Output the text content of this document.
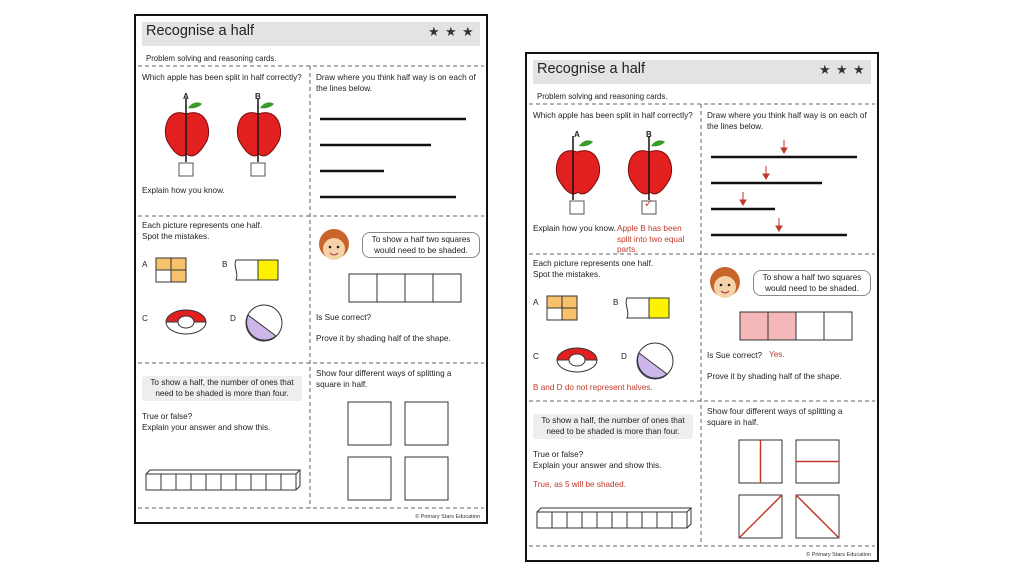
Recognise a half	★ ★ ★
Problem solving and reasoning cards.
Which apple has been split in half correctly?
A	B
Explain how you know.
Draw where you think half way is on each of
the lines below.
Each picture represents one half.
Spot the mistakes.
A	B
C	D
To show a half two squares would need to be shaded.
Is Sue correct?
Prove it by shading half of the shape.
To show a half, the number of ones that need to be shaded is more than four.
True or false?
Explain your answer and show this.
Show four different ways of splitting a
square in half.
© Primary Stars Education
Recognise a half	★ ★ ★
Problem solving and reasoning cards.
Which apple has been split in half correctly?
A	B
✓
Explain how you know. Apple B has been
split into two equal parts.
Draw where you think half way is on each of
the lines below.
Each picture represents one half.
Spot the mistakes.
A	B
C	D
B and D do not represent halves.
To show a half two squares would need to be shaded.
Is Sue correct? Yes.
Prove it by shading half of the shape.
To show a half, the number of ones that need to be shaded is more than four.
True or false?
Explain your answer and show this.
True, as 5 will be shaded.
Show four different ways of splitting a
square in half.
© Primary Stars Education
